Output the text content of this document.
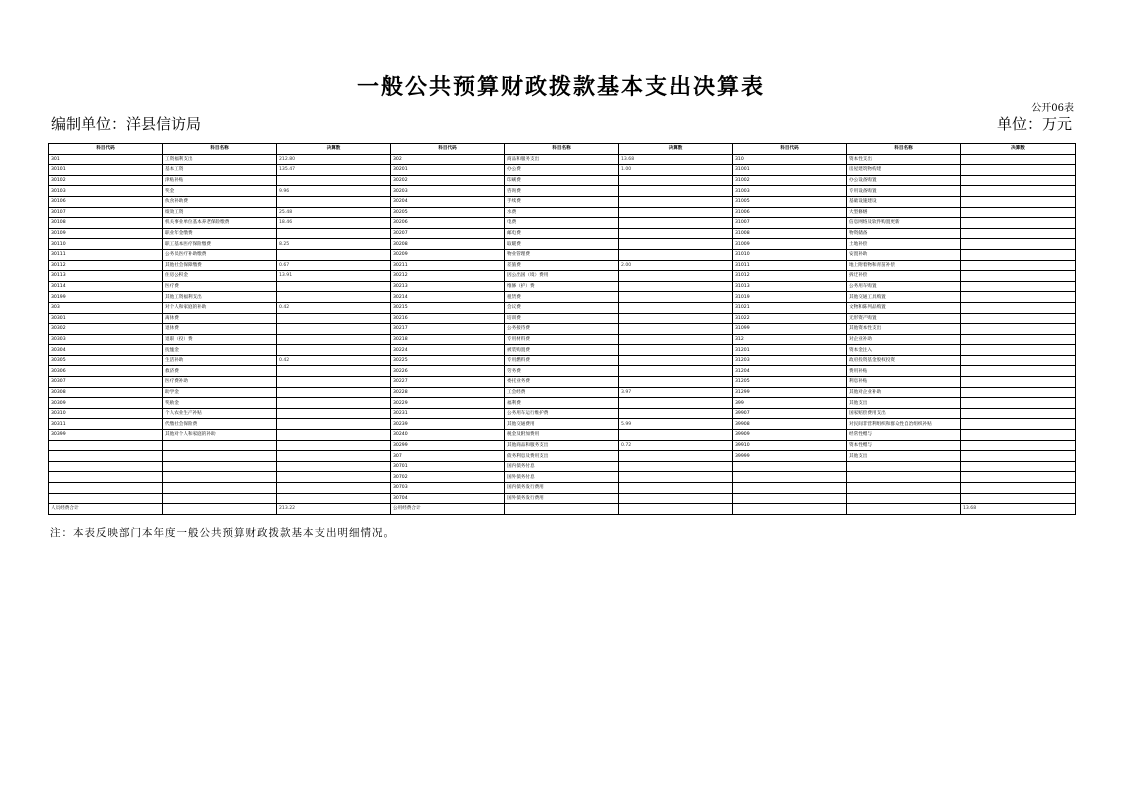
一般公共预算财政拨款基本支出决算表
公开06表
编制单位：洋县信访局	单位：万元
科目代码	科目名称	决算数	科目代码	科目名称	决算数	科目代码	科目名称	决算数
301	工资福利支出	212.80	302	商品和服务支出	13.68	310	资本性支出	
30101	基本工资	135.47	30201	办公费	1.00	31001	房屋建筑物构建	
30102	津贴补贴		30202	印刷费		31002	办公设备购置	
30103	奖金	9.96	30203	咨询费		31003	专用设备购置	
30106	伙食补助费		30204	手续费		31005	基础设施建设	
30107	绩效工资	25.48	30205	水费		31006	大型修缮	
30108	机关事业单位基本养老保险缴费	18.46	30206	电费		31007	信息网络及软件购置更新	
30109	职业年金缴费		30207	邮电费		31008	物资储备	
30110	职工基本医疗保险缴费	8.25	30208	取暖费		31009	土地补偿	
30111	公务员医疗补助缴费		30209	物业管理费		31010	安置补助	
30112	其他社会保障缴费	0.67	30211	差旅费	2.00	31011	地上附着物和青苗补偿	
30113	住房公积金	13.91	30212	因公出国（境）费用		31012	拆迁补偿	
30114	医疗费		30213	维修（护）费		31013	公务用车购置	
30199	其他工资福利支出		30214	租赁费		31019	其他交通工具购置	
303	对个人和家庭的补助	0.42	30215	会议费		31021	文物和陈列品购置	
30301	离休费		30216	培训费		31022	无形资产购置	
30302	退休费		30217	公务接待费		31099	其他资本性支出	
30303	退职（役）费		30218	专用材料费		312	对企业补助	
30304	抚恤金		30224	被装购置费		31201	资本金注入	
30305	生活补助	0.42	30225	专用燃料费		31203	政府投资基金股权投资	
30306	救济费		30226	劳务费		31204	费用补贴	
30307	医疗费补助		30227	委托业务费		31205	利息补贴	
30308	助学金		30228	工会经费	3.97	31299	其他对企业补助	
30309	奖励金		30229	福利费		399	其他支出	
30310	个人农业生产补贴		30231	公务用车运行维护费		39907	国家赔偿费用支出	
30311	代缴社会保险费		30239	其他交通费用	5.99	39908	对民间非营利组织和群众性自治组织补贴	
30399	其他对个人和家庭的补助		30240	税金及附加费用		39909	经常性赠与	
			30299	其他商品和服务支出	0.72	39910	资本性赠与	
			307	债务利息及费用支出		39999	其他支出	
			30701	国内债务付息				
			30702	国外债务付息				
			30703	国内债务发行费用				
			30704	国外债务发行费用				
人员经费合计		213.22	公用经费合计					13.68
注：本表反映部门本年度一般公共预算财政拨款基本支出明细情况。
